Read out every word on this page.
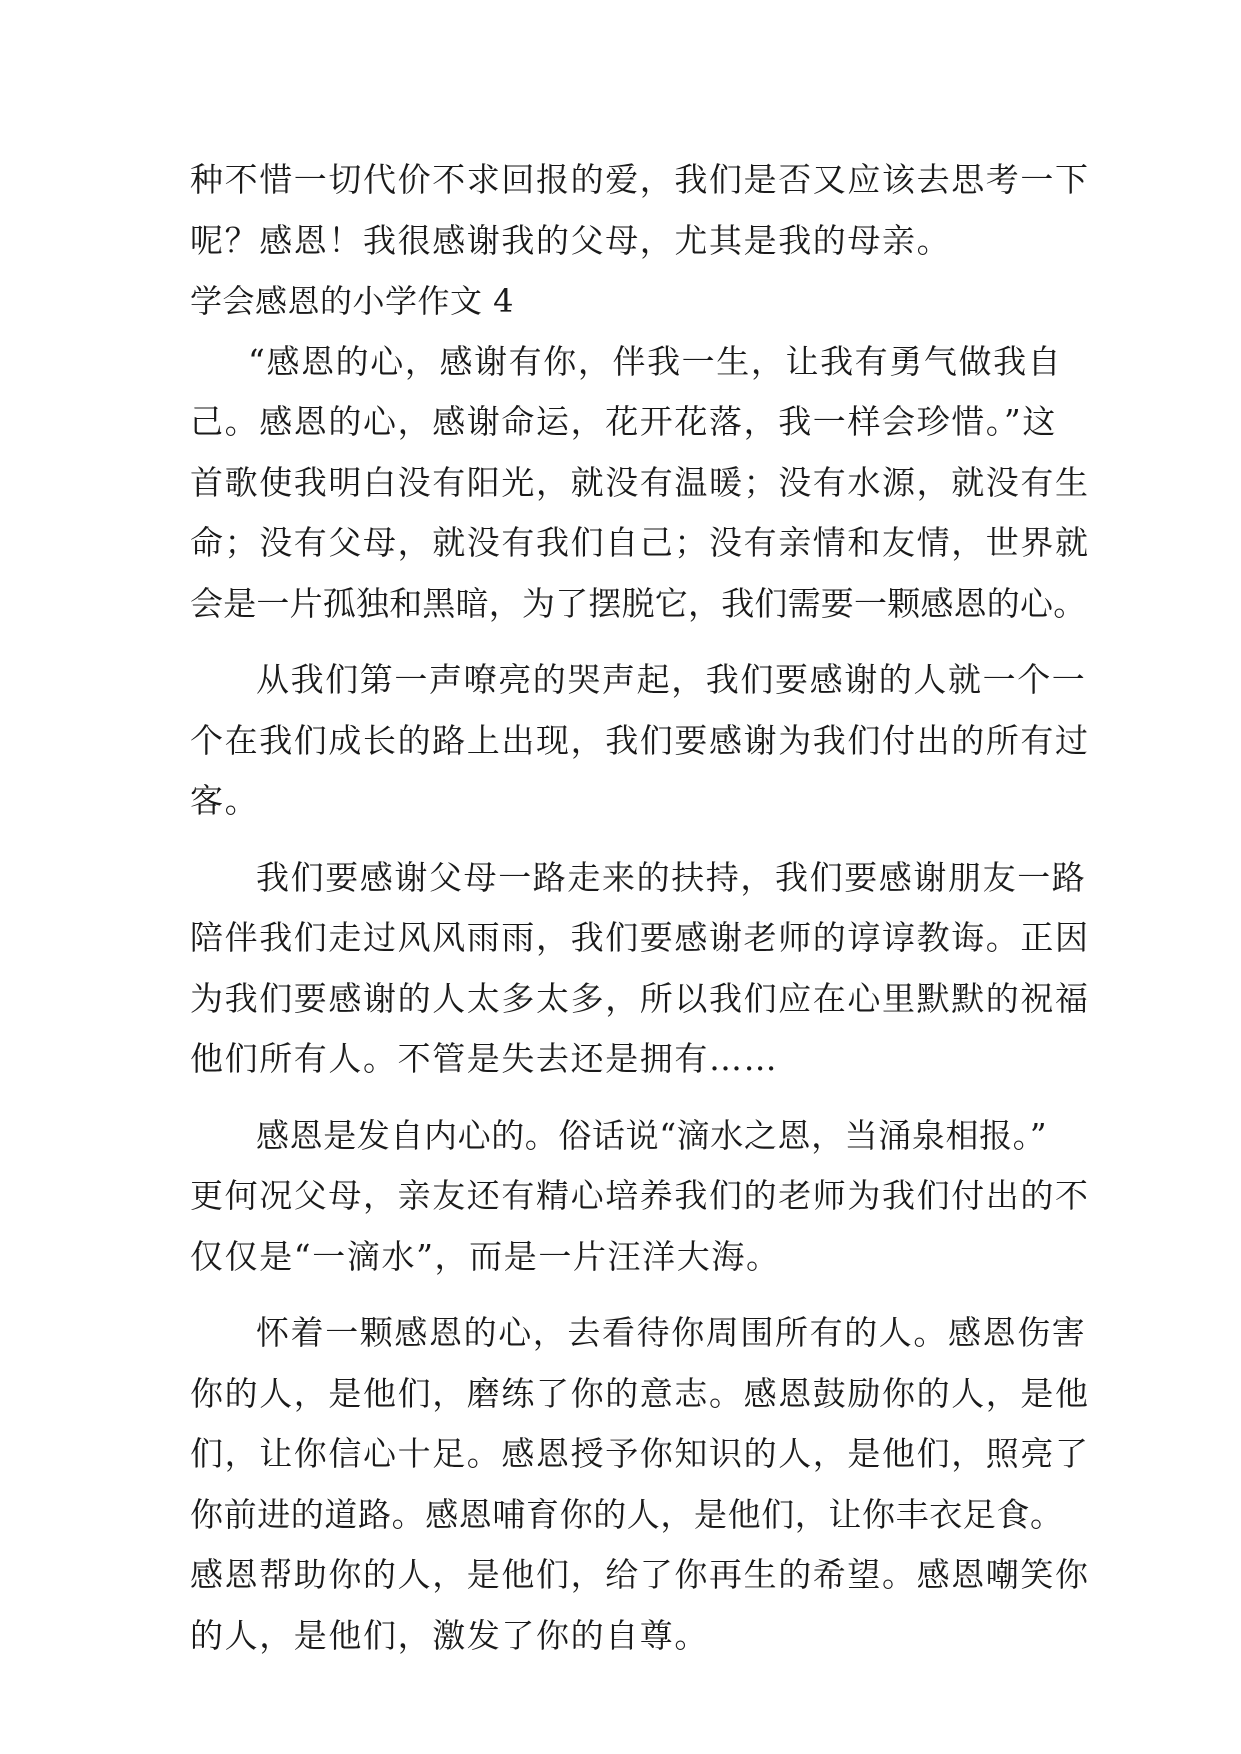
种不惜一切代价不求回报的爱，我们是否又应该去思考一下
呢？感恩！我很感谢我的父母，尤其是我的母亲。
学会感恩的小学作文 4
“感恩的心，感谢有你，伴我一生，让我有勇气做我自
己。感恩的心，感谢命运，花开花落，我一样会珍惜。”这
首歌使我明白没有阳光，就没有温暖；没有水源，就没有生
命；没有父母，就没有我们自己；没有亲情和友情，世界就
会是一片孤独和黑暗，为了摆脱它，我们需要一颗感恩的心。
从我们第一声嘹亮的哭声起，我们要感谢的人就一个一
个在我们成长的路上出现，我们要感谢为我们付出的所有过
客。
我们要感谢父母一路走来的扶持，我们要感谢朋友一路
陪伴我们走过风风雨雨，我们要感谢老师的谆谆教诲。正因
为我们要感谢的人太多太多，所以我们应在心里默默的祝福
他们所有人。不管是失去还是拥有……
感恩是发自内心的。俗话说“滴水之恩，当涌泉相报。”
更何况父母，亲友还有精心培养我们的老师为我们付出的不
仅仅是“一滴水”，而是一片汪洋大海。
怀着一颗感恩的心，去看待你周围所有的人。感恩伤害
你的人，是他们，磨练了你的意志。感恩鼓励你的人，是他
们，让你信心十足。感恩授予你知识的人，是他们，照亮了
你前进的道路。感恩哺育你的人，是他们，让你丰衣足食。
感恩帮助你的人，是他们，给了你再生的希望。感恩嘲笑你
的人，是他们，激发了你的自尊。
